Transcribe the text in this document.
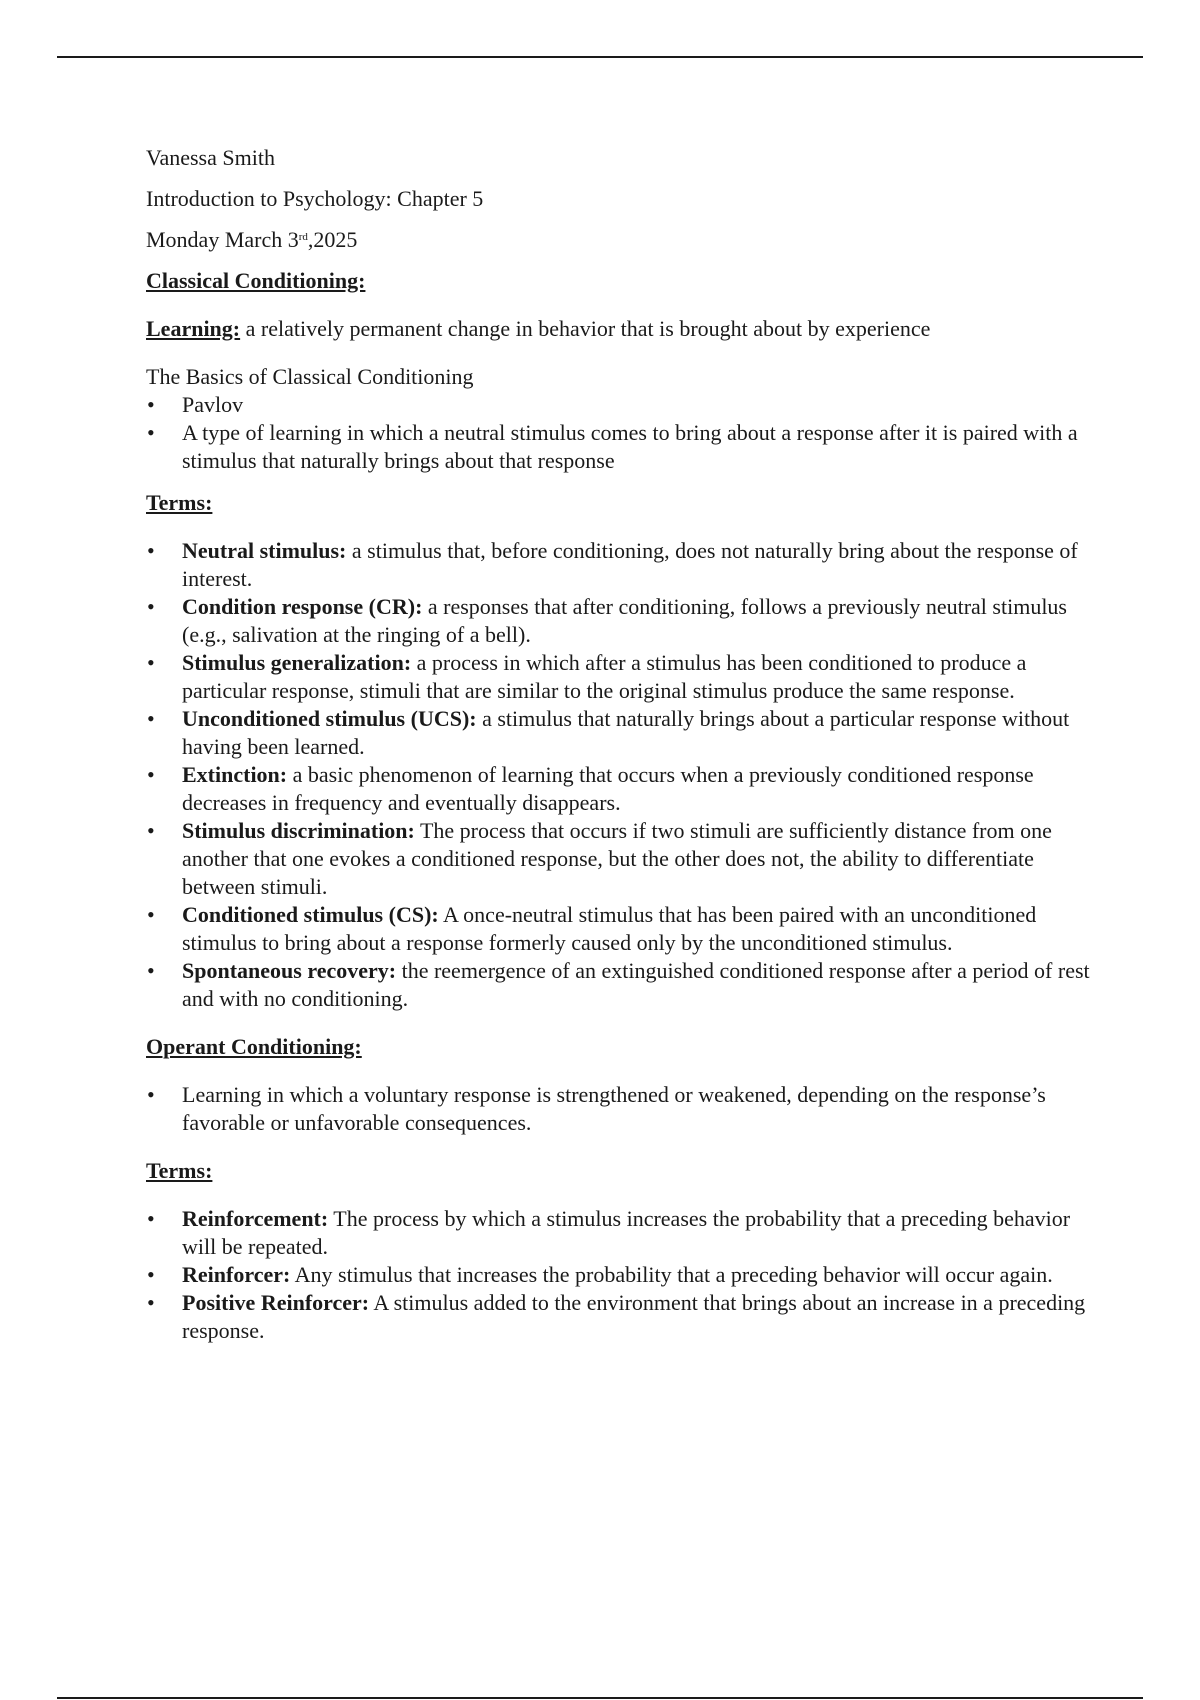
Vanessa Smith

Introduction to Psychology: Chapter 5

Monday March 3rd,2025

Classical Conditioning:

Learning: a relatively permanent change in behavior that is brought about by experience

The Basics of Classical Conditioning

• Pavlov
• A type of learning in which a neutral stimulus comes to bring about a response after it is paired with a stimulus that naturally brings about that response

Terms:

• Neutral stimulus: a stimulus that, before conditioning, does not naturally bring about the response of interest.
• Condition response (CR): a responses that after conditioning, follows a previously neutral stimulus (e.g., salivation at the ringing of a bell).
• Stimulus generalization: a process in which after a stimulus has been conditioned to produce a particular response, stimuli that are similar to the original stimulus produce the same response.
• Unconditioned stimulus (UCS): a stimulus that naturally brings about a particular response without having been learned.
• Extinction: a basic phenomenon of learning that occurs when a previously conditioned response decreases in frequency and eventually disappears.
• Stimulus discrimination: The process that occurs if two stimuli are sufficiently distance from one another that one evokes a conditioned response, but the other does not, the ability to differentiate between stimuli.
• Conditioned stimulus (CS): A once-neutral stimulus that has been paired with an unconditioned stimulus to bring about a response formerly caused only by the unconditioned stimulus.
• Spontaneous recovery: the reemergence of an extinguished conditioned response after a period of rest and with no conditioning.

Operant Conditioning:

• Learning in which a voluntary response is strengthened or weakened, depending on the response’s favorable or unfavorable consequences.

Terms:

• Reinforcement: The process by which a stimulus increases the probability that a preceding behavior will be repeated.
• Reinforcer: Any stimulus that increases the probability that a preceding behavior will occur again.
• Positive Reinforcer: A stimulus added to the environment that brings about an increase in a preceding response.
